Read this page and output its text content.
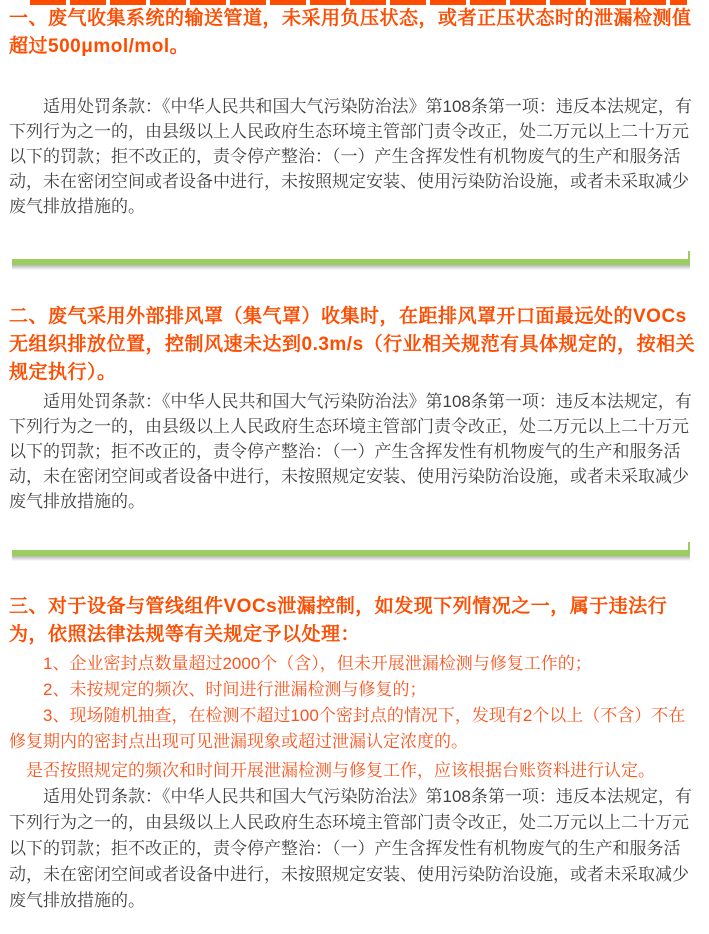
一、废气收集系统的输送管道，未采用负压状态，或者正压状态时的泄漏检测值超过500μmol/mol。

适用处罚条款：《中华人民共和国大气污染防治法》第108条第一项：违反本法规定，有下列行为之一的，由县级以上人民政府生态环境主管部门责令改正，处二万元以上二十万元以下的罚款；拒不改正的，责令停产整治：（一）产生含挥发性有机物废气的生产和服务活动，未在密闭空间或者设备中进行，未按照规定安装、使用污染防治设施，或者未采取减少废气排放措施的。

二、废气采用外部排风罩（集气罩）收集时，在距排风罩开口面最远处的VOCs无组织排放位置，控制风速未达到0.3m/s（行业相关规范有具体规定的，按相关规定执行）。

适用处罚条款：《中华人民共和国大气污染防治法》第108条第一项：违反本法规定，有下列行为之一的，由县级以上人民政府生态环境主管部门责令改正，处二万元以上二十万元以下的罚款；拒不改正的，责令停产整治：（一）产生含挥发性有机物废气的生产和服务活动，未在密闭空间或者设备中进行，未按照规定安装、使用污染防治设施，或者未采取减少废气排放措施的。

三、对于设备与管线组件VOCs泄漏控制，如发现下列情况之一，属于违法行为，依照法律法规等有关规定予以处理：

1、企业密封点数量超过2000个（含），但未开展泄漏检测与修复工作的；

2、未按规定的频次、时间进行泄漏检测与修复的；

3、现场随机抽查，在检测不超过100个密封点的情况下，发现有2个以上（不含）不在修复期内的密封点出现可见泄漏现象或超过泄漏认定浓度的。

是否按照规定的频次和时间开展泄漏检测与修复工作，应该根据台账资料进行认定。

适用处罚条款：《中华人民共和国大气污染防治法》第108条第一项：违反本法规定，有下列行为之一的，由县级以上人民政府生态环境主管部门责令改正，处二万元以上二十万元以下的罚款；拒不改正的，责令停产整治：（一）产生含挥发性有机物废气的生产和服务活动，未在密闭空间或者设备中进行，未按照规定安装、使用污染防治设施，或者未采取减少废气排放措施的。
